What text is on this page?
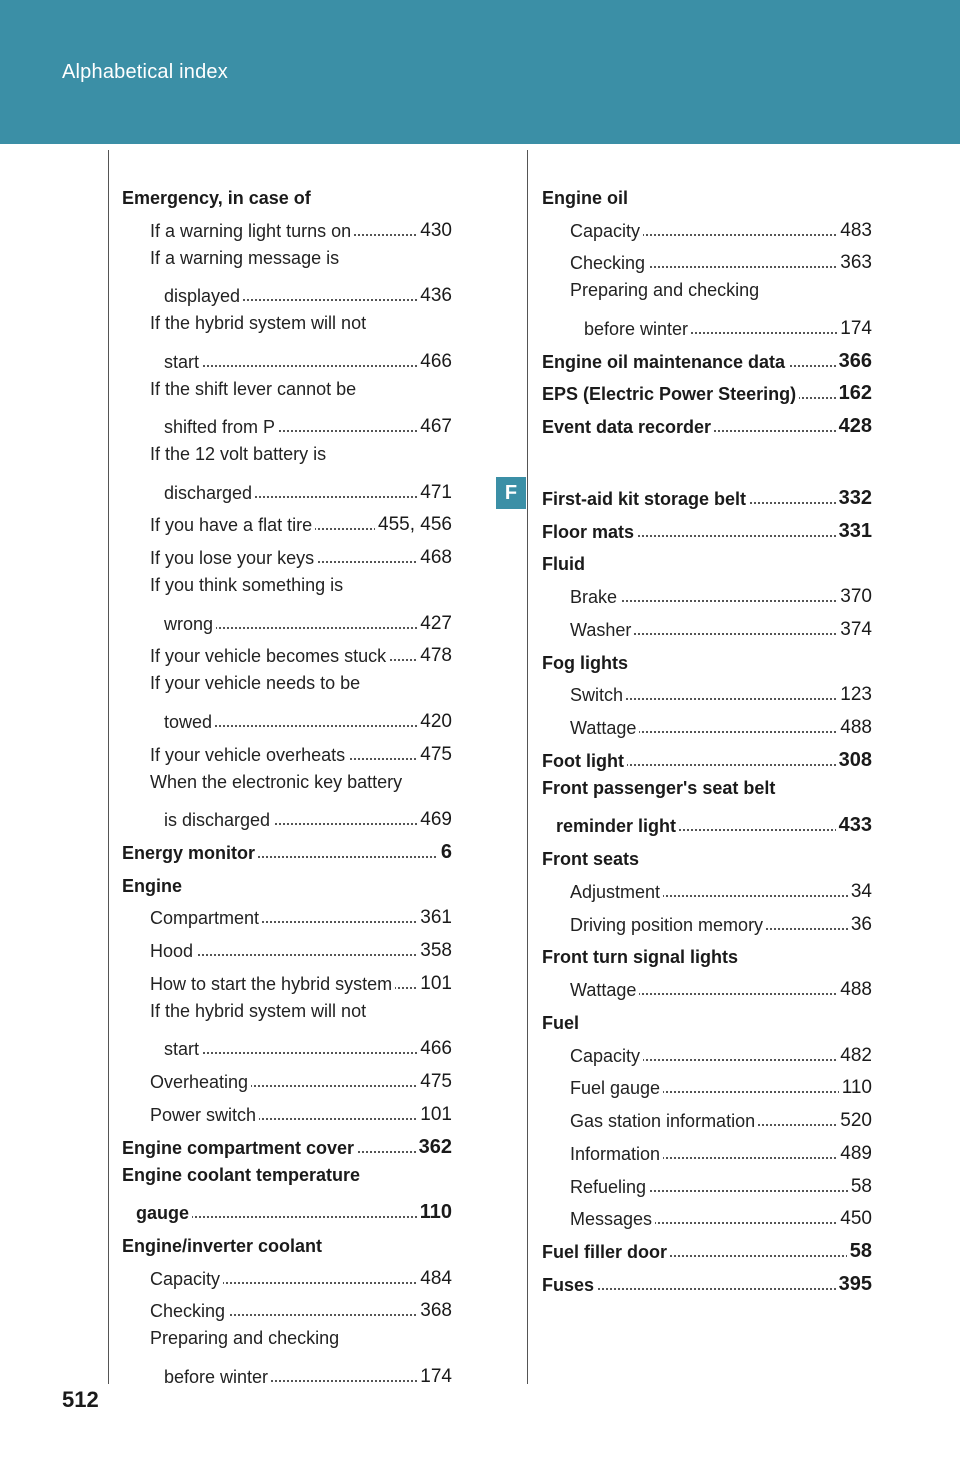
Alphabetical index
Emergency, in case of
If a warning light turns on	430
If a warning message is
displayed	436
If the hybrid system will not
start	466
If the shift lever cannot be
shifted from P	467
If the 12 volt battery is
discharged	471
If you have a flat tire	455, 456
If you lose your keys	468
If you think something is
wrong	427
If your vehicle becomes stuck 478
If your vehicle needs to be
towed	420
If your vehicle overheats	475
When the electronic key battery
is discharged	469
Energy monitor	6
Engine
Compartment	361
Hood	358
How to start the hybrid system 101
If the hybrid system will not
start	466
Overheating	475
Power switch	101
Engine compartment cover	362
Engine coolant temperature
gauge	110
Engine/inverter coolant
Capacity	484
Checking	368
Preparing and checking
before winter	174
Engine oil
Capacity	483
Checking	363
Preparing and checking
before winter	174
Engine oil maintenance data	366
EPS (Electric Power Steering) 162
Event data recorder	428
First-aid kit storage belt	332
Floor mats	331
Fluid
Brake	370
Washer	374
Fog lights
Switch	123
Wattage	488
Foot light	308
Front passenger's seat belt
reminder light	433
Front seats
Adjustment	34
Driving position memory	36
Front turn signal lights
Wattage	488
Fuel
Capacity	482
Fuel gauge	110
Gas station information	520
Information	489
Refueling	58
Messages	450
Fuel filler door	58
Fuses	395
F
512
